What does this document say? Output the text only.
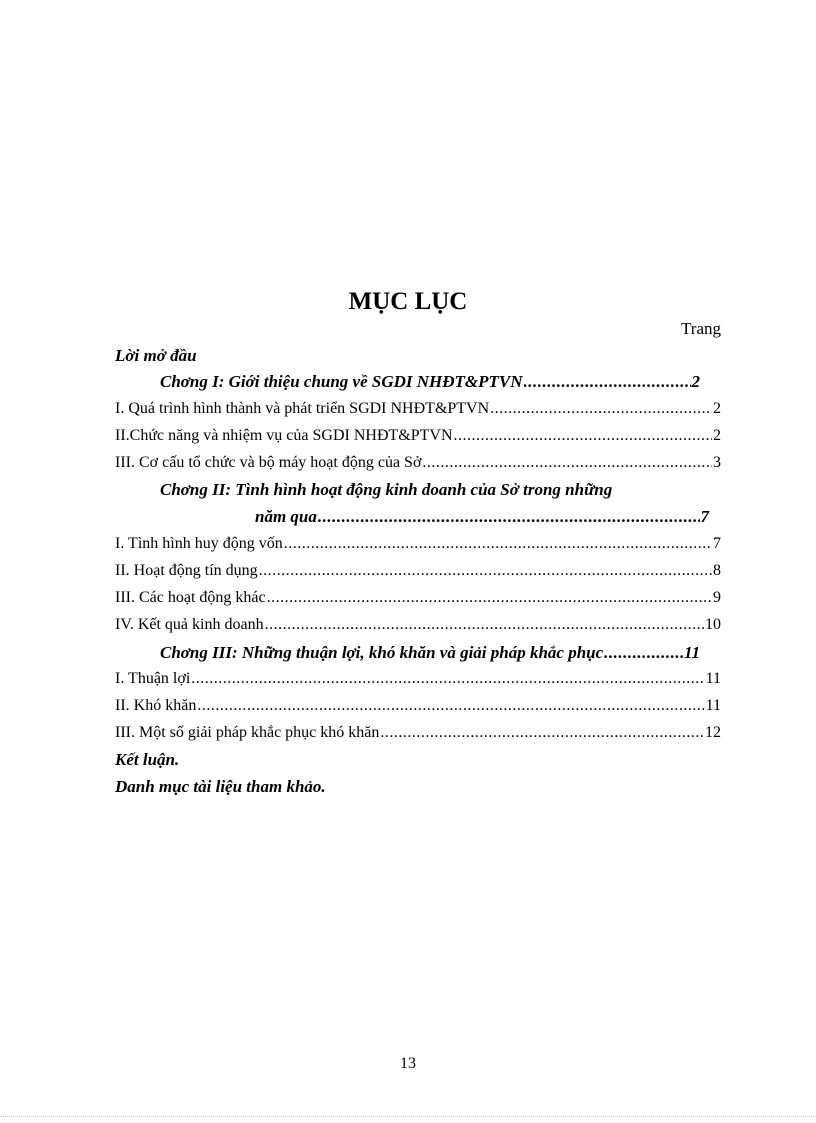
MỤC LỤC
Trang
Lời mở đầu
Chơng I: Giới thiệu chung về SGDI NHĐT&PTVN .....	2
I. Quá trình hình thành và phát triển SGDI NHĐT&PTVN .....	2
II.Chức năng và nhiệm vụ của SGDI NHĐT&PTVN .....	2
III. Cơ cấu tổ chức và bộ máy hoạt động của Sở .....	3
Chơng II: Tình hình hoạt động kinh doanh của Sở trong những
năm qua .....	7
I. Tình hình huy động vốn .....	7
II. Hoạt động tín dụng .....	8
III. Các hoạt động khác .....	9
IV. Kết quả kinh doanh .....	10
Chơng III: Những thuận lợi, khó khăn và giải pháp khắc phục .....	11
I. Thuận lợi .....	11
II. Khó khăn .....	11
III. Một số giải pháp khắc phục khó khăn .....	12
Kết luận.
Danh mục tài liệu tham khảo.
13
